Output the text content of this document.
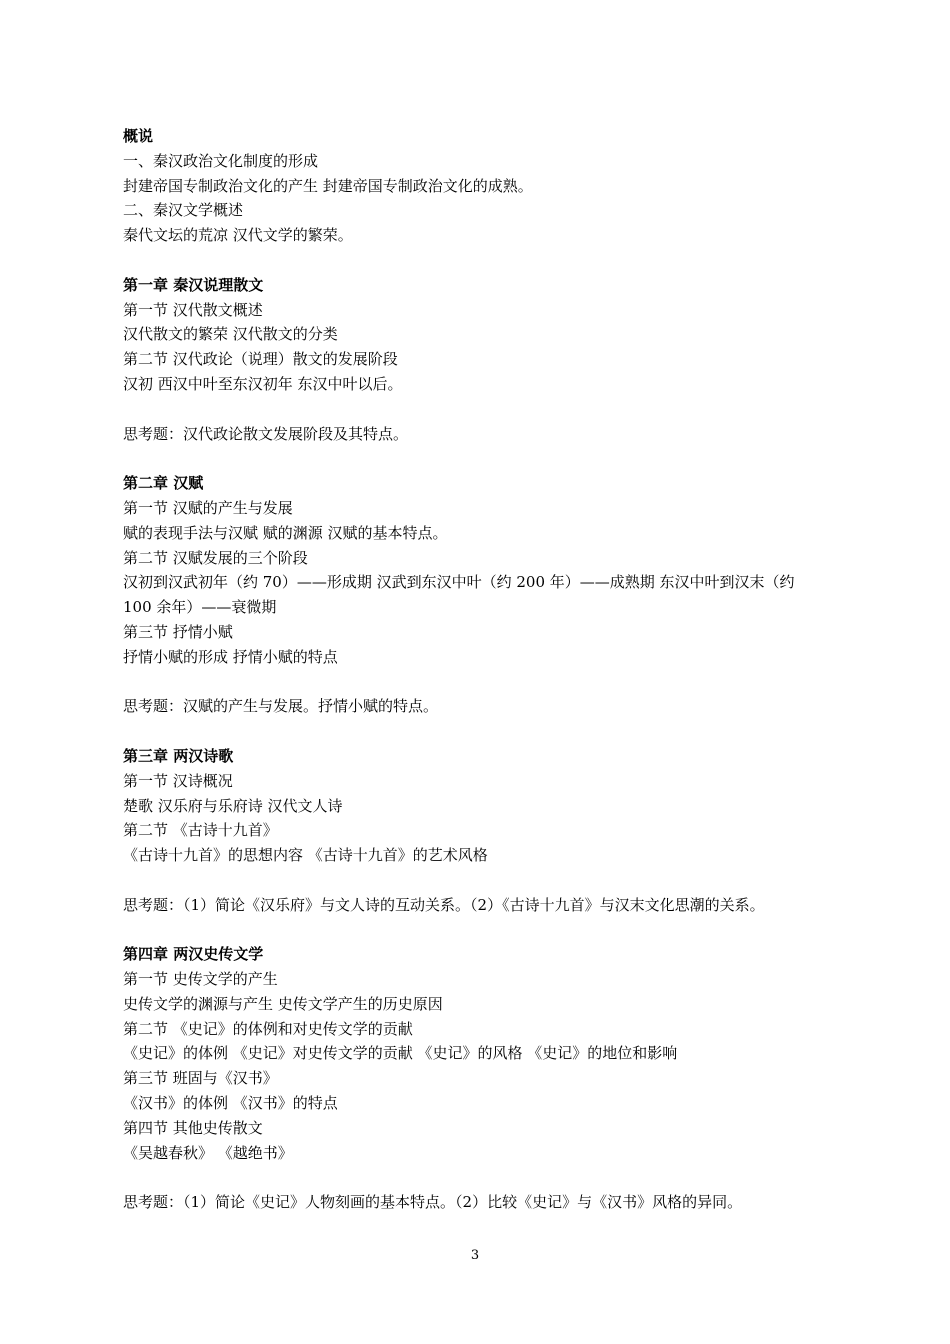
概说
一、秦汉政治文化制度的形成
封建帝国专制政治文化的产生 封建帝国专制政治文化的成熟。
二、秦汉文学概述
秦代文坛的荒凉 汉代文学的繁荣。
第一章 秦汉说理散文
第一节 汉代散文概述
汉代散文的繁荣 汉代散文的分类
第二节 汉代政论（说理）散文的发展阶段
汉初 西汉中叶至东汉初年 东汉中叶以后。
思考题：汉代政论散文发展阶段及其特点。
第二章 汉赋
第一节 汉赋的产生与发展
赋的表现手法与汉赋 赋的渊源 汉赋的基本特点。
第二节 汉赋发展的三个阶段
汉初到汉武初年（约 70）——形成期 汉武到东汉中叶（约 200 年）——成熟期 东汉中叶到汉末（约
100 余年）——衰微期
第三节 抒情小赋
抒情小赋的形成 抒情小赋的特点
思考题：汉赋的产生与发展。抒情小赋的特点。
第三章 两汉诗歌
第一节 汉诗概况
楚歌 汉乐府与乐府诗 汉代文人诗
第二节 《古诗十九首》
《古诗十九首》的思想内容 《古诗十九首》的艺术风格
思考题：（1）简论《汉乐府》与文人诗的互动关系。（2）《古诗十九首》与汉末文化思潮的关系。
第四章 两汉史传文学
第一节 史传文学的产生
史传文学的渊源与产生 史传文学产生的历史原因
第二节 《史记》的体例和对史传文学的贡献
《史记》的体例 《史记》对史传文学的贡献 《史记》的风格 《史记》的地位和影响
第三节 班固与《汉书》
《汉书》的体例 《汉书》的特点
第四节 其他史传散文
《吴越春秋》 《越绝书》
思考题：（1）简论《史记》人物刻画的基本特点。（2）比较《史记》与《汉书》风格的异同。
3
